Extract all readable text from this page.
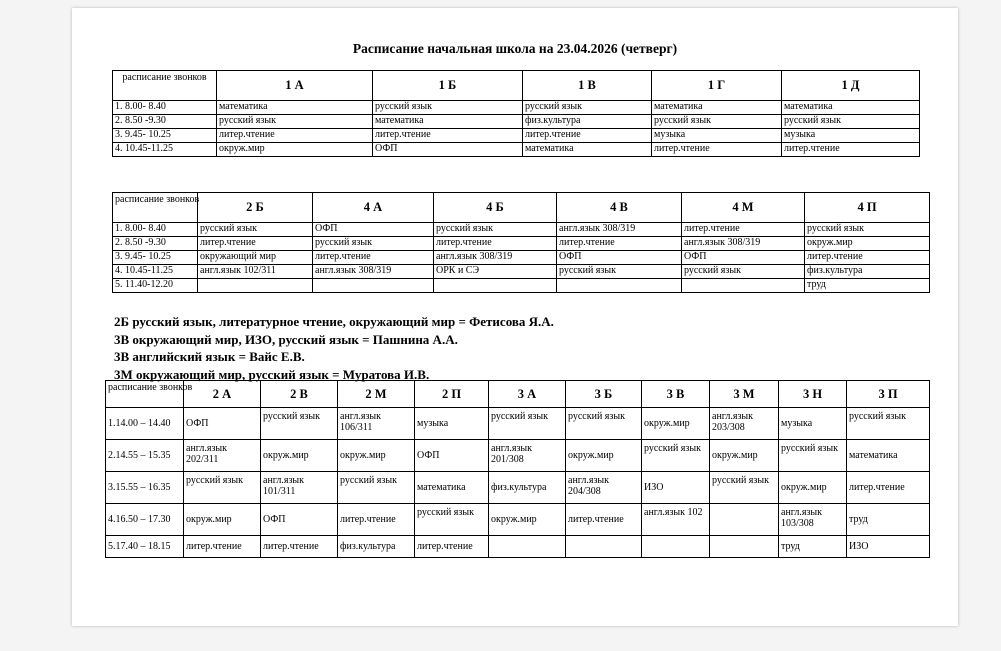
Расписание начальная школа на 23.04.2026 (четверг)
расписание звонков	1 А	1 Б	1 В	1 Г	1 Д
1. 8.00- 8.40	математика	русский язык	русский язык	математика	математика
2. 8.50 -9.30	русский язык	математика	физ.культура	русский язык	русский язык
3. 9.45- 10.25	литер.чтение	литер.чтение	литер.чтение	музыка	музыка
4. 10.45-11.25	окруж.мир	ОФП	математика	литер.чтение	литер.чтение
расписание звонков	2 Б	4 А	4 Б	4 В	4 М	4 П
1. 8.00- 8.40	русский язык	ОФП	русский язык	англ.язык 308/319	литер.чтение	русский язык
2. 8.50 -9.30	литер.чтение	русский язык	литер.чтение	литер.чтение	англ.язык 308/319	окруж.мир
3. 9.45- 10.25	окружающий мир	литер.чтение	англ.язык 308/319	ОФП	ОФП	литер.чтение
4. 10.45-11.25	англ.язык 102/311	англ.язык 308/319	ОРК и СЭ	русский язык	русский язык	физ.культура
5. 11.40-12.20						труд
2Б русский язык, литературное чтение, окружающий мир = Фетисова Я.А.
3В окружающий мир, ИЗО, русский язык = Пашнина А.А.
3В английский язык = Вайс Е.В.
3М окружающий мир, русский язык = Муратова И.В.
расписание звонков	2 А	2 В	2 М	2 П	3 А	3 Б	3 В	3 М	3 Н	3 П
1.14.00 – 14.40	ОФП	русский язык	англ.язык 106/311	музыка	русский язык	русский язык	окруж.мир	англ.язык 203/308	музыка	русский язык
2.14.55 – 15.35	англ.язык 202/311	окруж.мир	окруж.мир	ОФП	англ.язык 201/308	окруж.мир	русский язык	окруж.мир	русский язык	математика
3.15.55 – 16.35	русский язык	англ.язык 101/311	русский язык	математика	физ.культура	англ.язык 204/308	ИЗО	русский язык	окруж.мир	литер.чтение
4.16.50 – 17.30	окруж.мир	ОФП	литер.чтение	русский язык	окруж.мир	литер.чтение	англ.язык 102		англ.язык 103/308	труд
5.17.40 – 18.15	литер.чтение	литер.чтение	физ.культура	литер.чтение					труд	ИЗО
